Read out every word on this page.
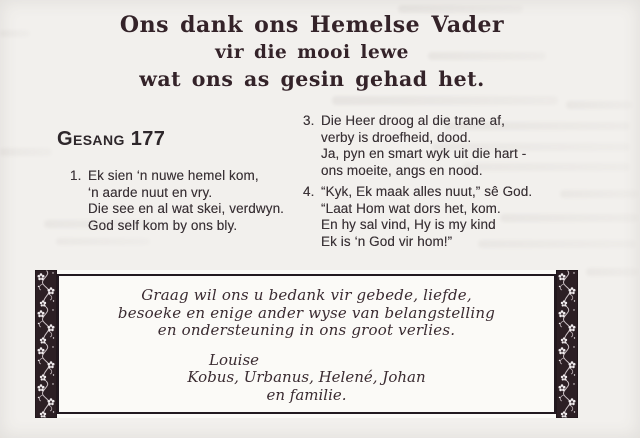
Ons dank ons Hemelse Vader
vir die mooi lewe
wat ons as gesin gehad het.
Gesang 177
1. Ek sien ‘n nuwe hemel kom,
‘n aarde nuut en vry.
Die see en al wat skei, verdwyn.
God self kom by ons bly.
3. Die Heer droog al die trane af,
verby is droefheid, dood.
Ja, pyn en smart wyk uit die hart -
ons moeite, angs en nood.
4. “Kyk, Ek maak alles nuut,” sê God.
“Laat Hom wat dors het, kom.
En hy sal vind, Hy is my kind
Ek is ‘n God vir hom!”
Graag wil ons u bedank vir gebede, liefde,
besoeke en enige ander wyse van belangstelling
en ondersteuning in ons groot verlies.
Louise
Kobus, Urbanus, Helené, Johan
en familie.
